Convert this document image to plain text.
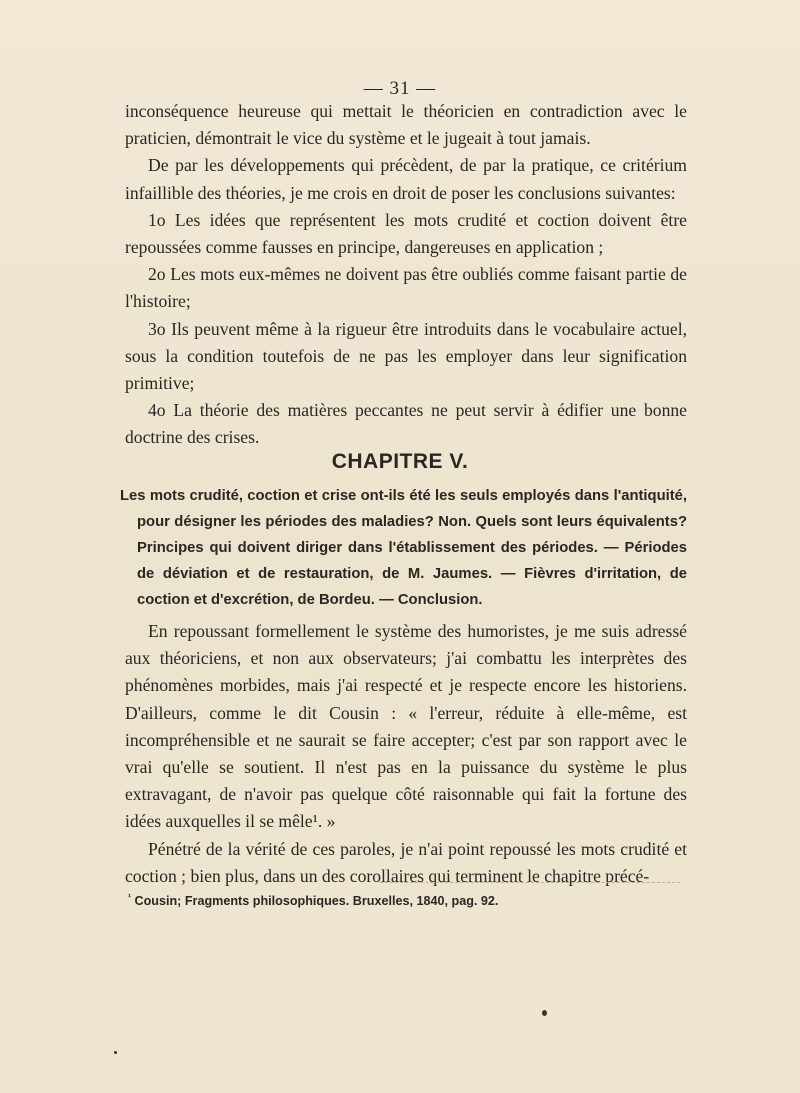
— 31 —

inconséquence heureuse qui mettait le théoricien en contradiction avec le praticien, démontrait le vice du système et le jugeait à tout jamais.

De par les développements qui précèdent, de par la pratique, ce critérium infaillible des théories, je me crois en droit de poser les conclusions suivantes:

1o Les idées que représentent les mots crudité et coction doivent être repoussées comme fausses en principe, dangereuses en application ;

2o Les mots eux-mêmes ne doivent pas être oubliés comme faisant partie de l'histoire;

3o Ils peuvent même à la rigueur être introduits dans le vocabulaire actuel, sous la condition toutefois de ne pas les employer dans leur signification primitive;

4o La théorie des matières peccantes ne peut servir à édifier une bonne doctrine des crises.

CHAPITRE V.
Les mots crudité, coction et crise ont-ils été les seuls employés dans l'antiquité, pour désigner les périodes des maladies? Non. Quels sont leurs équivalents? Principes qui doivent diriger dans l'établissement des périodes. — Périodes de déviation et de restauration, de M. Jaumes. — Fièvres d'irritation, de coction et d'excrétion, de Bordeu. — Conclusion.

En repoussant formellement le système des humoristes, je me suis adressé aux théoriciens, et non aux observateurs; j'ai combattu les interprètes des phénomènes morbides, mais j'ai respecté et je respecte encore les historiens. D'ailleurs, comme le dit Cousin : « l'erreur, réduite à elle-même, est incompréhensible et ne saurait se faire accepter; c'est par son rapport avec le vrai qu'elle se soutient. Il n'est pas en la puissance du système le plus extravagant, de n'avoir pas quelque côté raisonnable qui fait la fortune des idées auxquelles il se mêle¹. »

Pénétré de la vérité de ces paroles, je n'ai point repoussé les mots crudité et coction ; bien plus, dans un des corollaires qui terminent le chapitre précé-

$^{^1}$ Cousin; Fragments philosophiques. Bruxelles, 1840, pag. 92.
